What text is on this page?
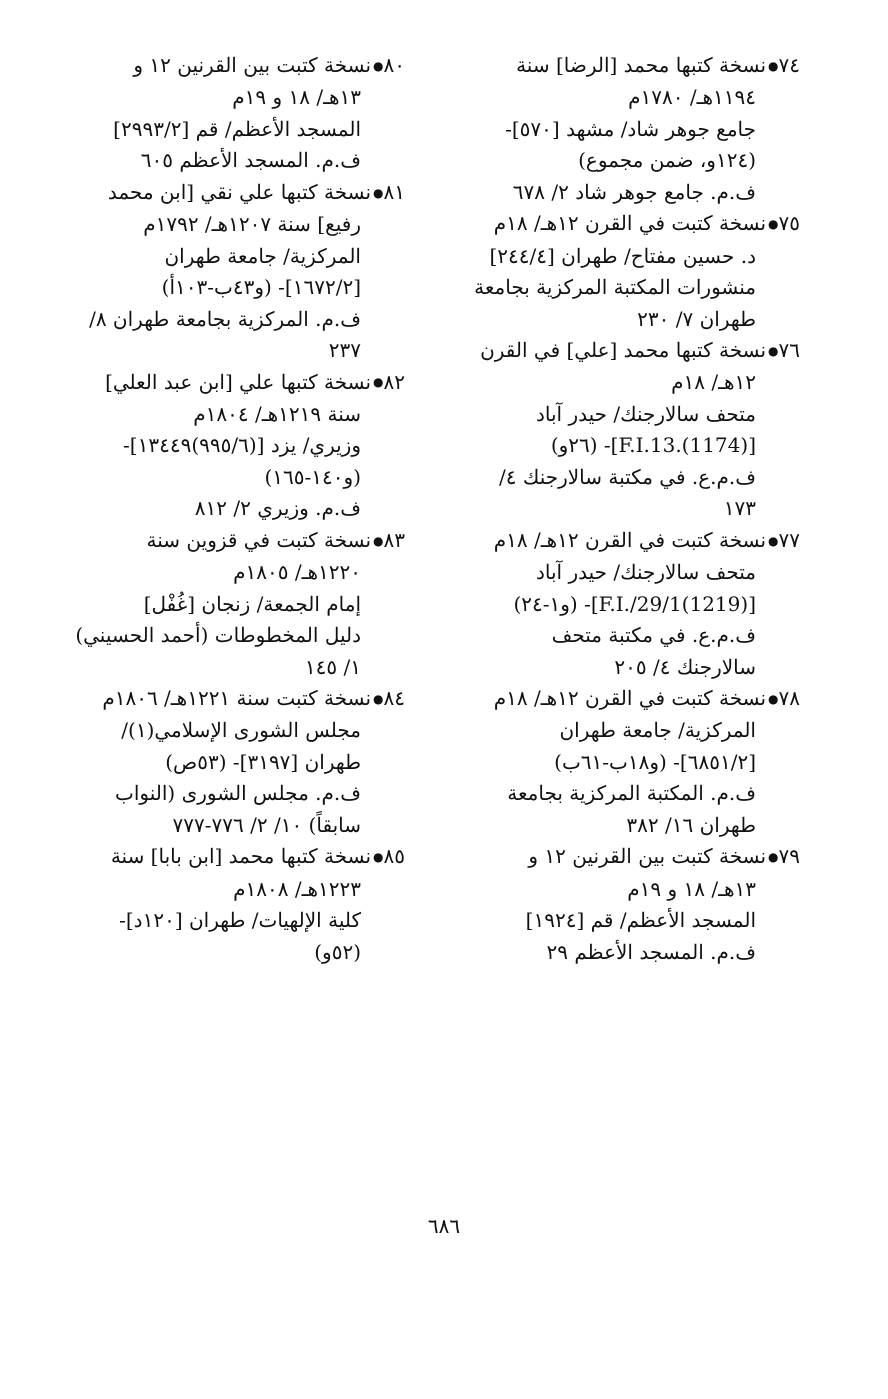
٧٤●نسخة كتبها محمد [الرضا] سنة
١١٩٤هـ/ ١٧٨٠م
جامع جوهر شاد/ مشهد [٥٧٠]-
(١٢٤و، ضمن مجموع)
ف.م. جامع جوهر شاد ٢/ ٦٧٨
٧٥●نسخة كتبت في القرن ١٢هـ/ ١٨م
د. حسين مفتاح/ طهران [٢٤٤/٤]
منشورات المكتبة المركزية بجامعة
طهران ٧/ ٢٣٠
٧٦●نسخة كتبها محمد [علي] في القرن
١٢هـ/ ١٨م
متحف سالارجنك/ حيدر آباد
[F.I.13.(1174)]- (٢٦و)
ف.م.ع. في مكتبة سالارجنك ٤/
١٧٣
٧٧●نسخة كتبت في القرن ١٢هـ/ ١٨م
متحف سالارجنك/ حيدر آباد
[F.I./29/1(1219)]- (و١-٢٤)
ف.م.ع. في مكتبة متحف
سالارجنك ٤/ ٢٠٥
٧٨●نسخة كتبت في القرن ١٢هـ/ ١٨م
المركزية/ جامعة طهران
[٦٨٥١/٢]- (و١٨ب-٦١ب)
ف.م. المكتبة المركزية بجامعة
طهران ١٦/ ٣٨٢
٧٩●نسخة كتبت بين القرنين ١٢ و
١٣هـ/ ١٨ و ١٩م
المسجد الأعظم/ قم [١٩٢٤]
ف.م. المسجد الأعظم ٢٩
٨٠●نسخة كتبت بين القرنين ١٢ و
١٣هـ/ ١٨ و ١٩م
المسجد الأعظم/ قم [٢٩٩٣/٢]
ف.م. المسجد الأعظم ٦٠٥
٨١●نسخة كتبها علي نقي [ابن محمد
رفيع] سنة ١٢٠٧هـ/ ١٧٩٢م
المركزية/ جامعة طهران
[١٦٧٢/٢]- (و٤٣ب-١٠٣أ)
ف.م. المركزية بجامعة طهران ٨/
٢٣٧
٨٢●نسخة كتبها علي [ابن عبد العلي]
سنة ١٢١٩هـ/ ١٨٠٤م
وزيري/ يزد [(٩٩٥/٦)١٣٤٤٩]-
(و١٤٠-١٦٥)
ف.م. وزيري ٢/ ٨١٢
٨٣●نسخة كتبت في قزوين سنة
١٢٢٠هـ/ ١٨٠٥م
إمام الجمعة/ زنجان [غُفْل]
دليل المخطوطات (أحمد الحسيني)
١/ ١٤٥
٨٤●نسخة كتبت سنة ١٢٢١هـ/ ١٨٠٦م
مجلس الشورى الإسلامي(١)/
طهران [٣١٩٧]- (٥٣ص)
ف.م. مجلس الشورى (النواب
سابقاً) ١٠/ ٢/ ٧٧٦-٧٧٧
٨٥●نسخة كتبها محمد [ابن بابا] سنة
١٢٢٣هـ/ ١٨٠٨م
كلية الإلهيات/ طهران [١٢٠د]-
(٥٢و)
٦٨٦
